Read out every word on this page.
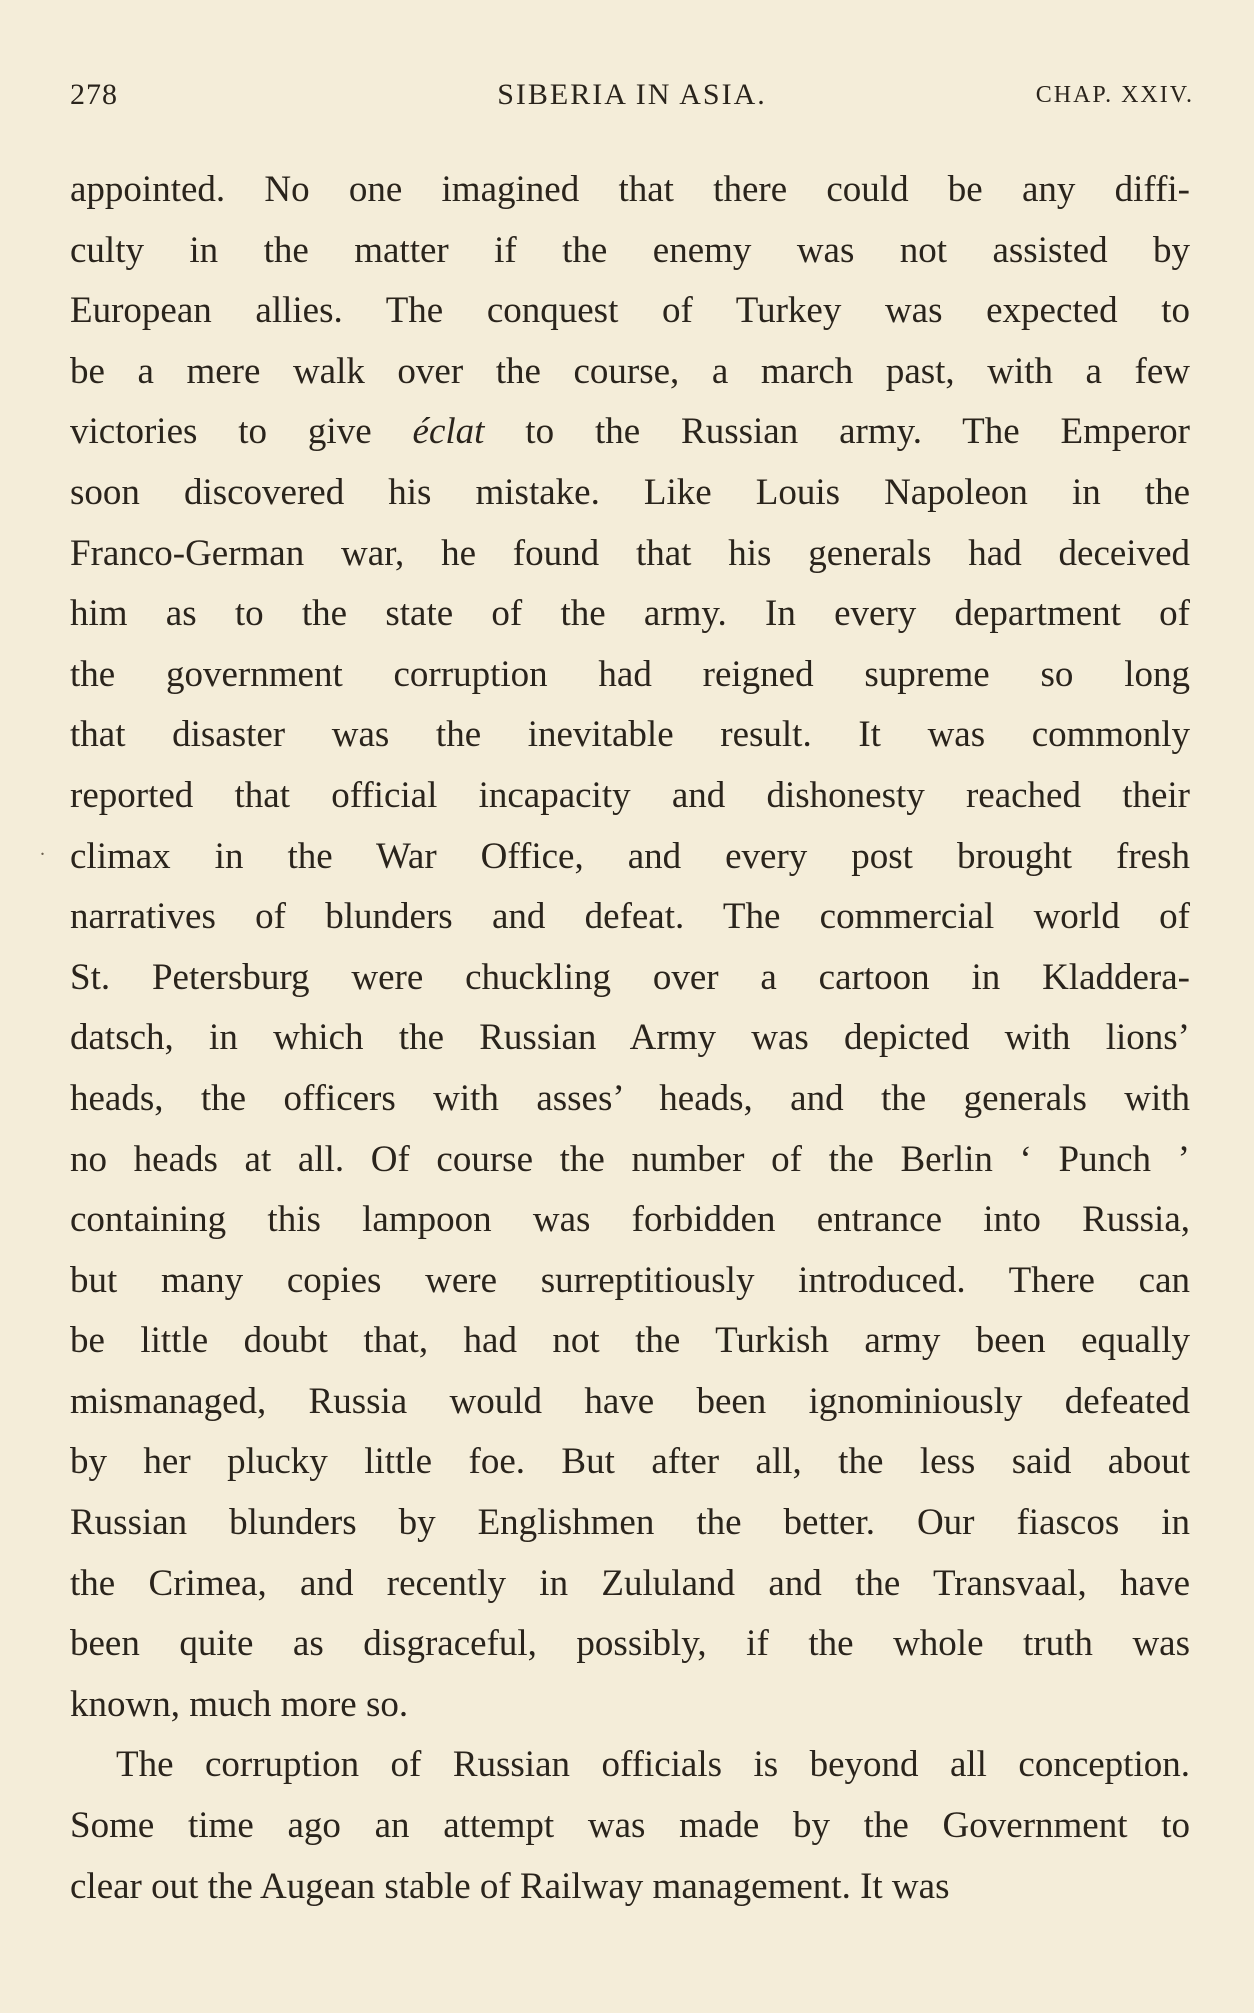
278	SIBERIA IN ASIA.	CHAP. XXIV.
.
appointed. No one imagined that there could be any diffi-
culty in the matter if the enemy was not assisted by
European allies. The conquest of Turkey was expected to
be a mere walk over the course, a march past, with a few
victories to give éclat to the Russian army. The Emperor
soon discovered his mistake. Like Louis Napoleon in the
Franco-German war, he found that his generals had deceived
him as to the state of the army. In every department of
the government corruption had reigned supreme so long
that disaster was the inevitable result. It was commonly
reported that official incapacity and dishonesty reached their
climax in the War Office, and every post brought fresh
narratives of blunders and defeat. The commercial world of
St. Petersburg were chuckling over a cartoon in Kladdera-
datsch, in which the Russian Army was depicted with lions’
heads, the officers with asses’ heads, and the generals with
no heads at all. Of course the number of the Berlin ‘ Punch ’
containing this lampoon was forbidden entrance into Russia,
but many copies were surreptitiously introduced. There can
be little doubt that, had not the Turkish army been equally
mismanaged, Russia would have been ignominiously defeated
by her plucky little foe. But after all, the less said about
Russian blunders by Englishmen the better. Our fiascos in
the Crimea, and recently in Zululand and the Transvaal, have
been quite as disgraceful, possibly, if the whole truth was
known, much more so.
The corruption of Russian officials is beyond all conception.
Some time ago an attempt was made by the Government to
clear out the Augean stable of Railway management. It was
